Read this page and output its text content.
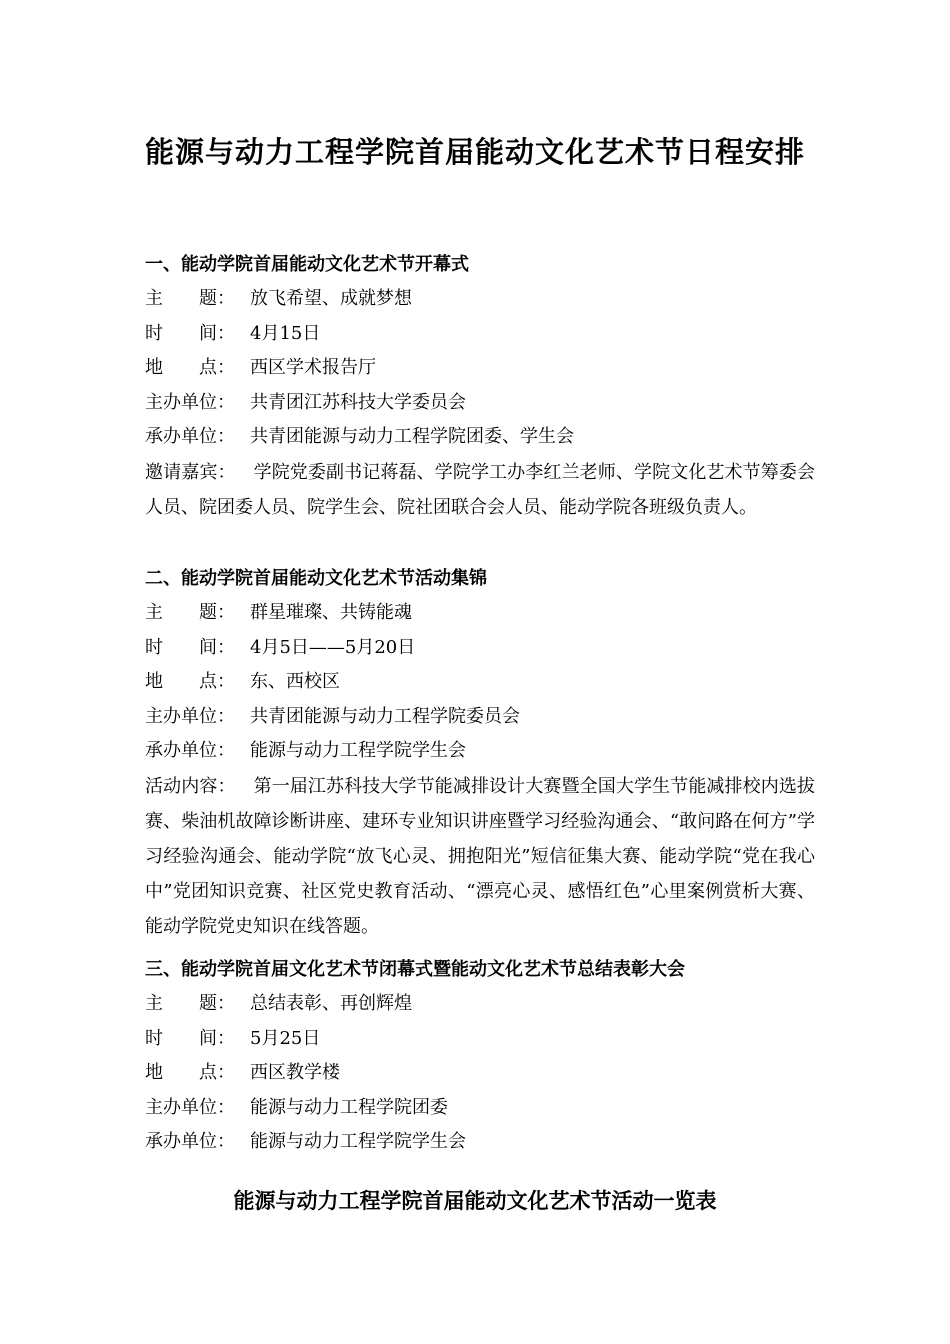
能源与动力工程学院首届能动文化艺术节日程安排
一、能动学院首届能动文化艺术节开幕式
主　　题： 放飞希望、成就梦想
时　　间： 4月15日
地　　点： 西区学术报告厅
主办单位： 共青团江苏科技大学委员会
承办单位： 共青团能源与动力工程学院团委、学生会
邀请嘉宾： 学院党委副书记蒋磊、学院学工办李红兰老师、学院文化艺术节筹委会人员、院团委人员、院学生会、院社团联合会人员、能动学院各班级负责人。
二、能动学院首届能动文化艺术节活动集锦
主　　题： 群星璀璨、共铸能魂
时　　间： 4月5日——5月20日
地　　点： 东、西校区
主办单位： 共青团能源与动力工程学院委员会
承办单位： 能源与动力工程学院学生会
活动内容： 第一届江苏科技大学节能减排设计大赛暨全国大学生节能减排校内选拔赛、柴油机故障诊断讲座、建环专业知识讲座暨学习经验沟通会、“敢问路在何方”学习经验沟通会、能动学院“放飞心灵、拥抱阳光”短信征集大赛、能动学院“党在我心中”党团知识竞赛、社区党史教育活动、“漂亮心灵、感悟红色”心里案例赏析大赛、能动学院党史知识在线答题。
三、能动学院首届文化艺术节闭幕式暨能动文化艺术节总结表彰大会
主　　题： 总结表彰、再创辉煌
时　　间： 5月25日
地　　点： 西区教学楼
主办单位： 能源与动力工程学院团委
承办单位： 能源与动力工程学院学生会
能源与动力工程学院首届能动文化艺术节活动一览表
